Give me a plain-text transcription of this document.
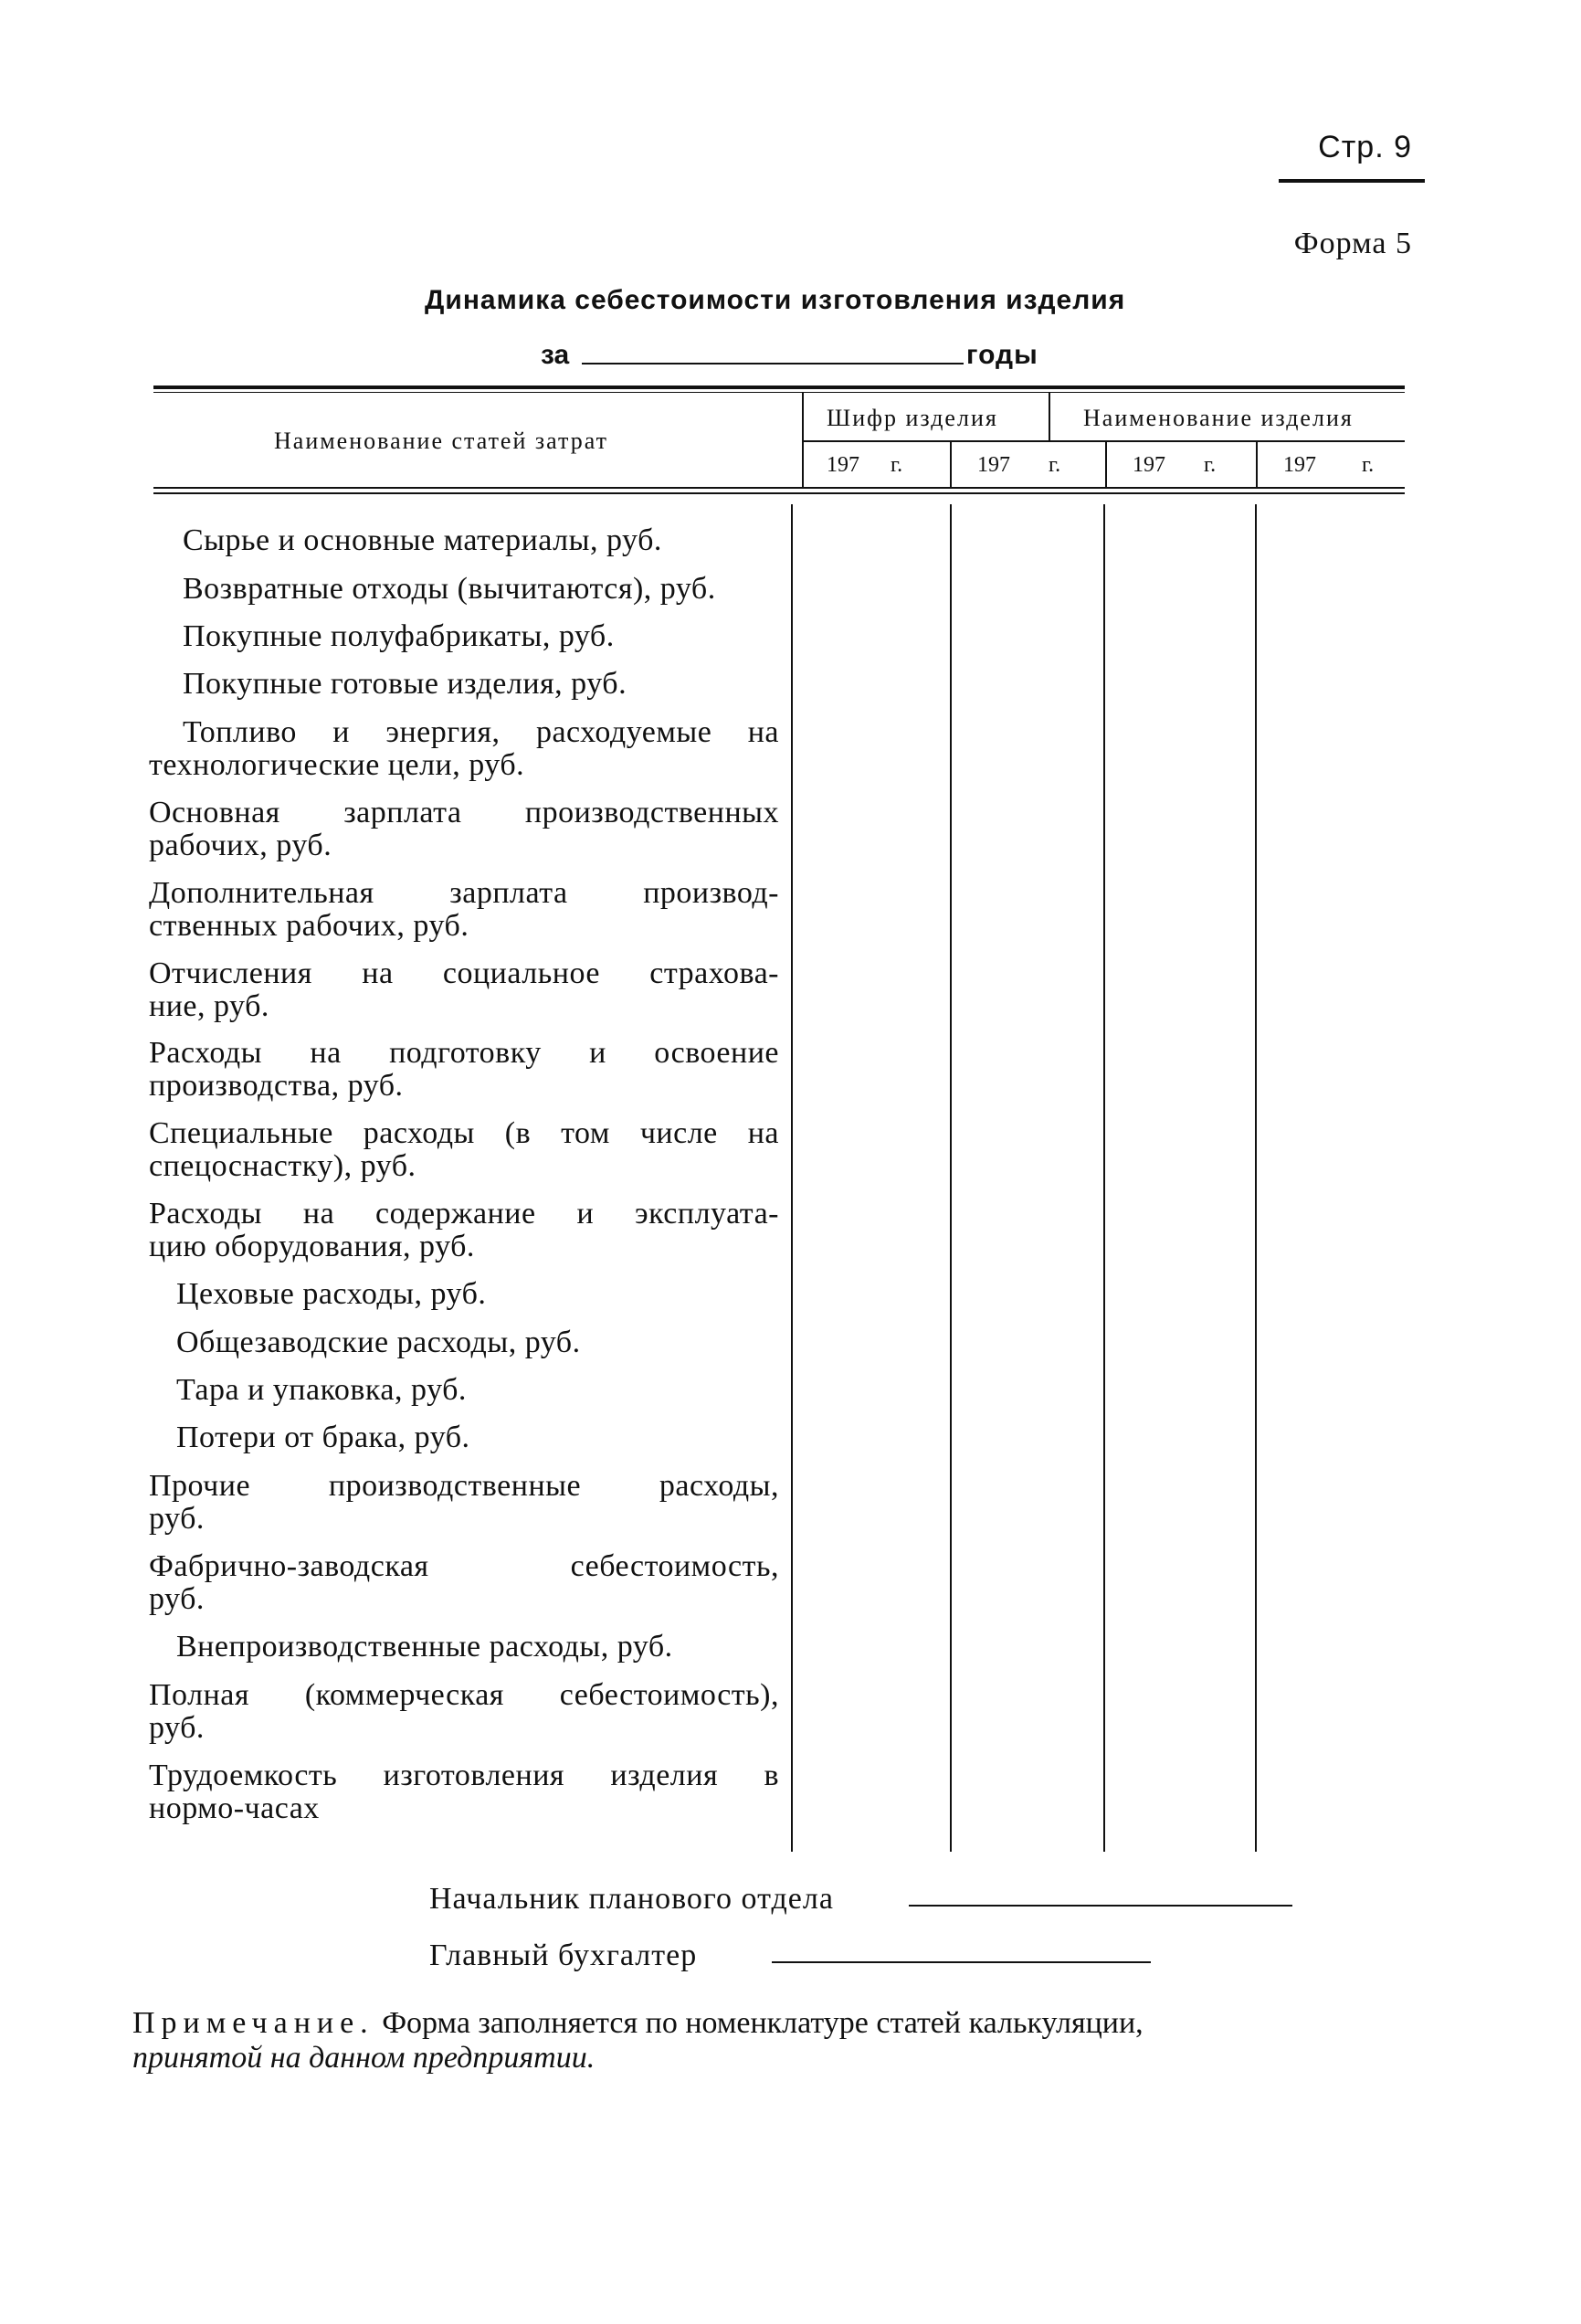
Стр. 9
Форма 5
Динамика себестоимости изготовления изделия
за	годы
Наименование статей затрат
Шифр изделия	Наименование изделия
197 г.	197 г.	197 г.	197 г.
Сырье и основные материалы, руб.
Возвратные отходы (вычитаются), руб.
Покупные полуфабрикаты, руб.
Покупные готовые изделия, руб.
Топливо и энергия, расходуемые на
технологические цели, руб.
Основная зарплата производственных
рабочих, руб.
Дополнительная зарплата производ-
ственных рабочих, руб.
Отчисления на социальное страхова-
ние, руб.
Расходы на подготовку и освоение
производства, руб.
Специальные расходы (в том числе на
спецоснастку), руб.
Расходы на содержание и эксплуата-
цию оборудования, руб.
Цеховые расходы, руб.
Общезаводские расходы, руб.
Тара и упаковка, руб.
Потери от брака, руб.
Прочие производственные расходы,
руб.
Фабрично-заводская себестоимость,
руб.
Внепроизводственные расходы, руб.
Полная (коммерческая себестоимость),
руб.
Трудоемкость изготовления изделия в
нормо-часах
Начальник планового отдела
Главный бухгалтер
Примечание. Форма заполняется по номенклатуре статей калькуляции,
принятой на данном предприятии.
